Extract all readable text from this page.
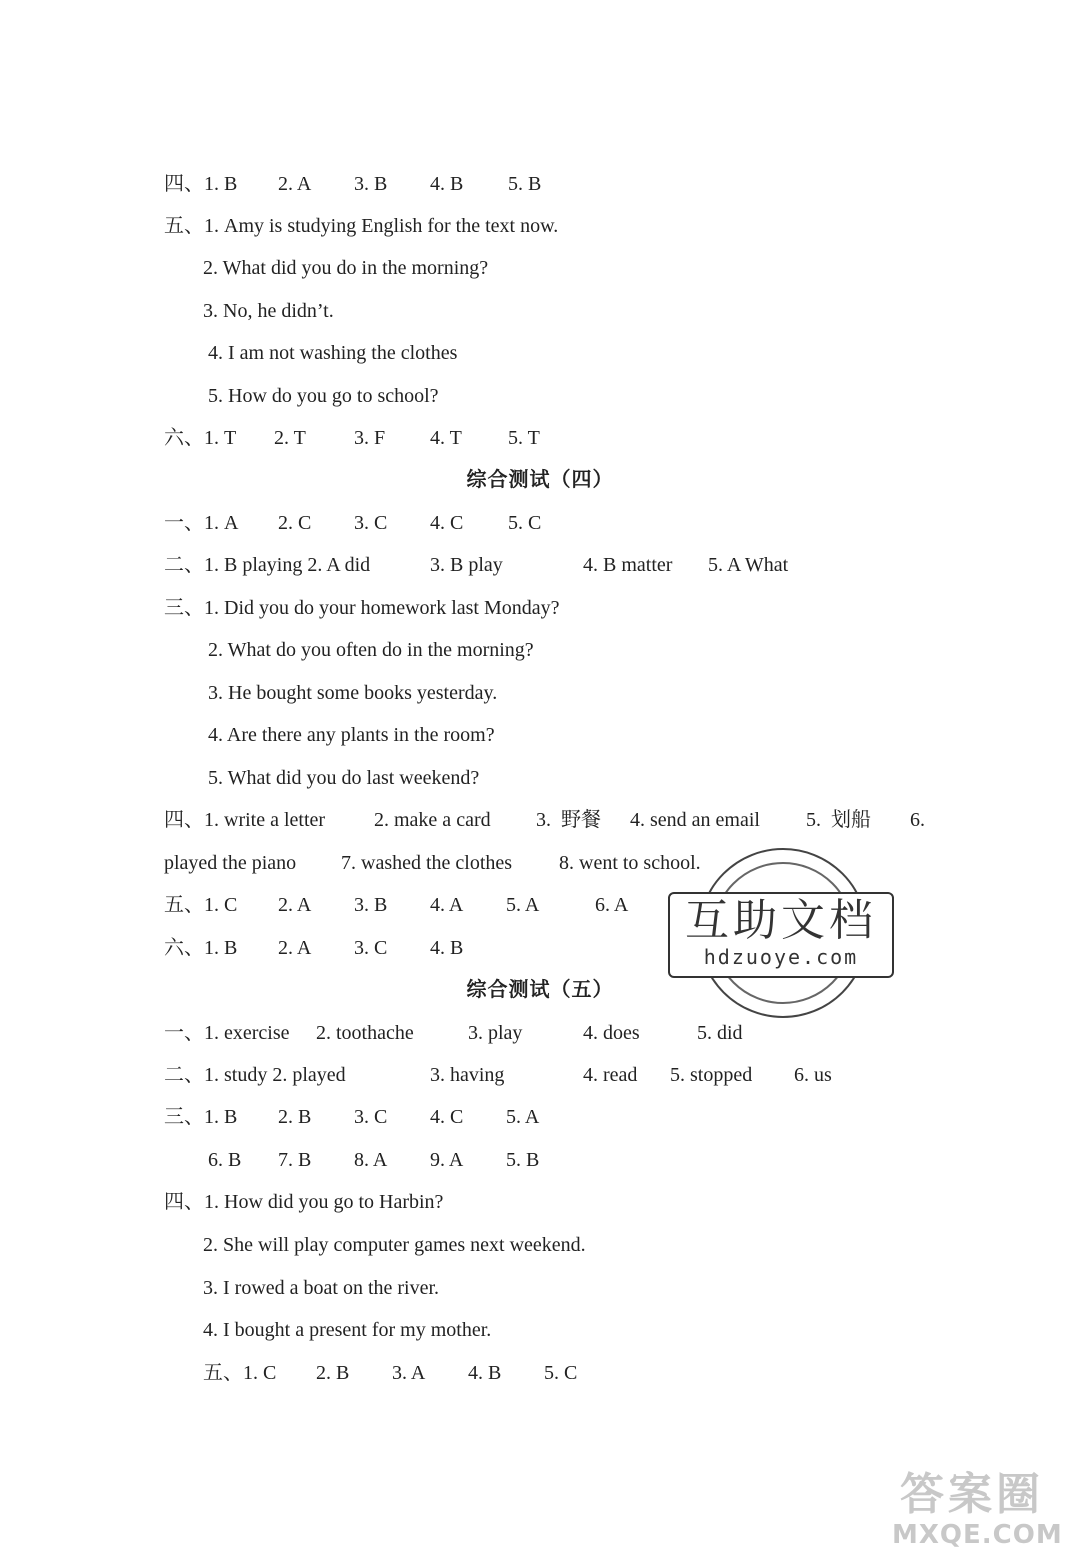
四、1. B 2. A 3. B 4. B 5. B
五、1. Amy is studying English for the text now.
2. What did you do in the morning?
3. No, he didn’t.
4. I am not washing the clothes
5. How do you go to school?
六、1. T 2. T 3. F 4. T 5. T
综合测试（四）
一、1. A 2. C 3. C 4. C 5. C
二、1. B playing 2. A did	3. B play	4. B matter 5. A What
三、1. Did you do your homework last Monday?
2. What do you often do in the morning?
3. He bought some books yesterday.
4. Are there any plants in the room?
5. What did you do last weekend?
四、1. write a letter 2. make a card 3.  野餐 4. send an email 5.  划船 6.
played the piano 7. washed the clothes 8. went to school.
五、1. C 2. A 3. B 4. A 5. A	6. A
六、1. B 2. A 3. C 4. B
综合测试（五）
一、1. exercise 2. toothache	3. play	4. does	5. did
二、1. study 2. played	3. having	4. read 5. stopped 6. us
三、1. B 2. B 3. C 4. C 5. A
6. B 7. B 8. A 9. A 5. B
四、1. How did you go to Harbin?
2. She will play computer games next weekend.
3. I rowed a boat on the river.
4. I bought a present for my mother.
五、1. C 2. B 3. A 4. B 5. C
互助文档
hdzuoye.com
答案圈
MXQE.COM
